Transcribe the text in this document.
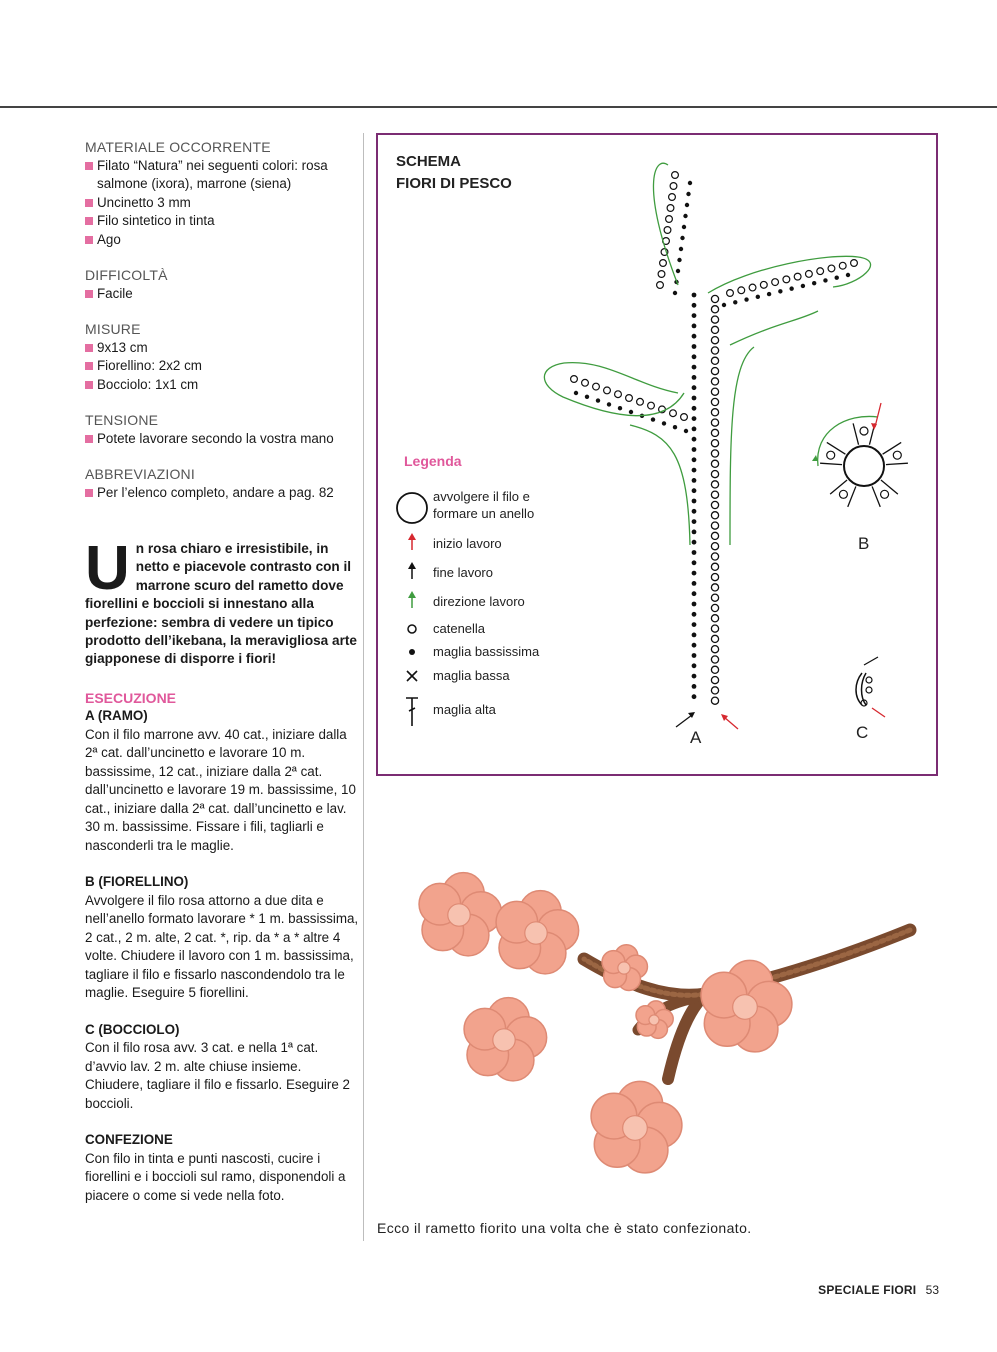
MATERIALE OCCORRENTE
Filato “Natura” nei seguenti colori: rosa salmone (ixora), marrone (siena)
Uncinetto 3 mm
Filo sintetico in tinta
Ago
DIFFICOLTÀ
Facile
MISURE
9x13 cm
Fiorellino: 2x2 cm
Bocciolo: 1x1 cm
TENSIONE
Potete lavorare secondo la vostra mano
ABBREVIAZIONI
Per l’elenco completo, andare a pag. 82
U n rosa chiaro e irresistibile, in netto e piacevole contrasto con il marrone scuro del rametto dove fiorellini e boccioli si innestano alla perfezione: sembra di vedere un tipico prodotto dell’ikebana, la meravigliosa arte giapponese di disporre i fiori!
ESECUZIONE
A (RAMO)
Con il filo marrone avv. 40 cat., iniziare dalla 2ª cat. dall’uncinetto e lavorare 10 m. bassissime, 12 cat., iniziare dalla 2ª cat. dall’uncinetto e lavorare 19 m. bassissime, 10 cat., iniziare dalla 2ª cat. dall’uncinetto e lav. 30 m. bassissime. Fissare i fili, tagliarli e nasconderli tra le maglie.
B (FIORELLINO)
Avvolgere il filo rosa attorno a due dita e nell’anello formato lavorare * 1 m. bassissima, 2 cat., 2 m. alte, 2 cat. *, rip. da * a * altre 4 volte. Chiudere il lavoro con 1 m. bassissima, tagliare il filo e fissarlo nascondendolo tra le maglie. Eseguire 5 fiorellini.
C (BOCCIOLO)
Con il filo rosa avv. 3 cat. e nella 1ª cat. d’avvio lav. 2 m. alte chiuse insieme. Chiudere, tagliare il filo e fissarlo. Eseguire 2 boccioli.
CONFEZIONE
Con filo in tinta e punti nascosti, cucire i fiorellini e i boccioli sul ramo, disponendoli a piacere o come si vede nella foto.
SCHEMA
FIORI DI PESCO
Legenda
avvolgere il filo e formare un anello
inizio lavoro
fine lavoro
direzione lavoro
catenella
maglia bassissima
maglia bassa
maglia alta
A
B
C
Ecco il rametto fiorito una volta che è stato confezionato.
SPECIALE FIORI 53
